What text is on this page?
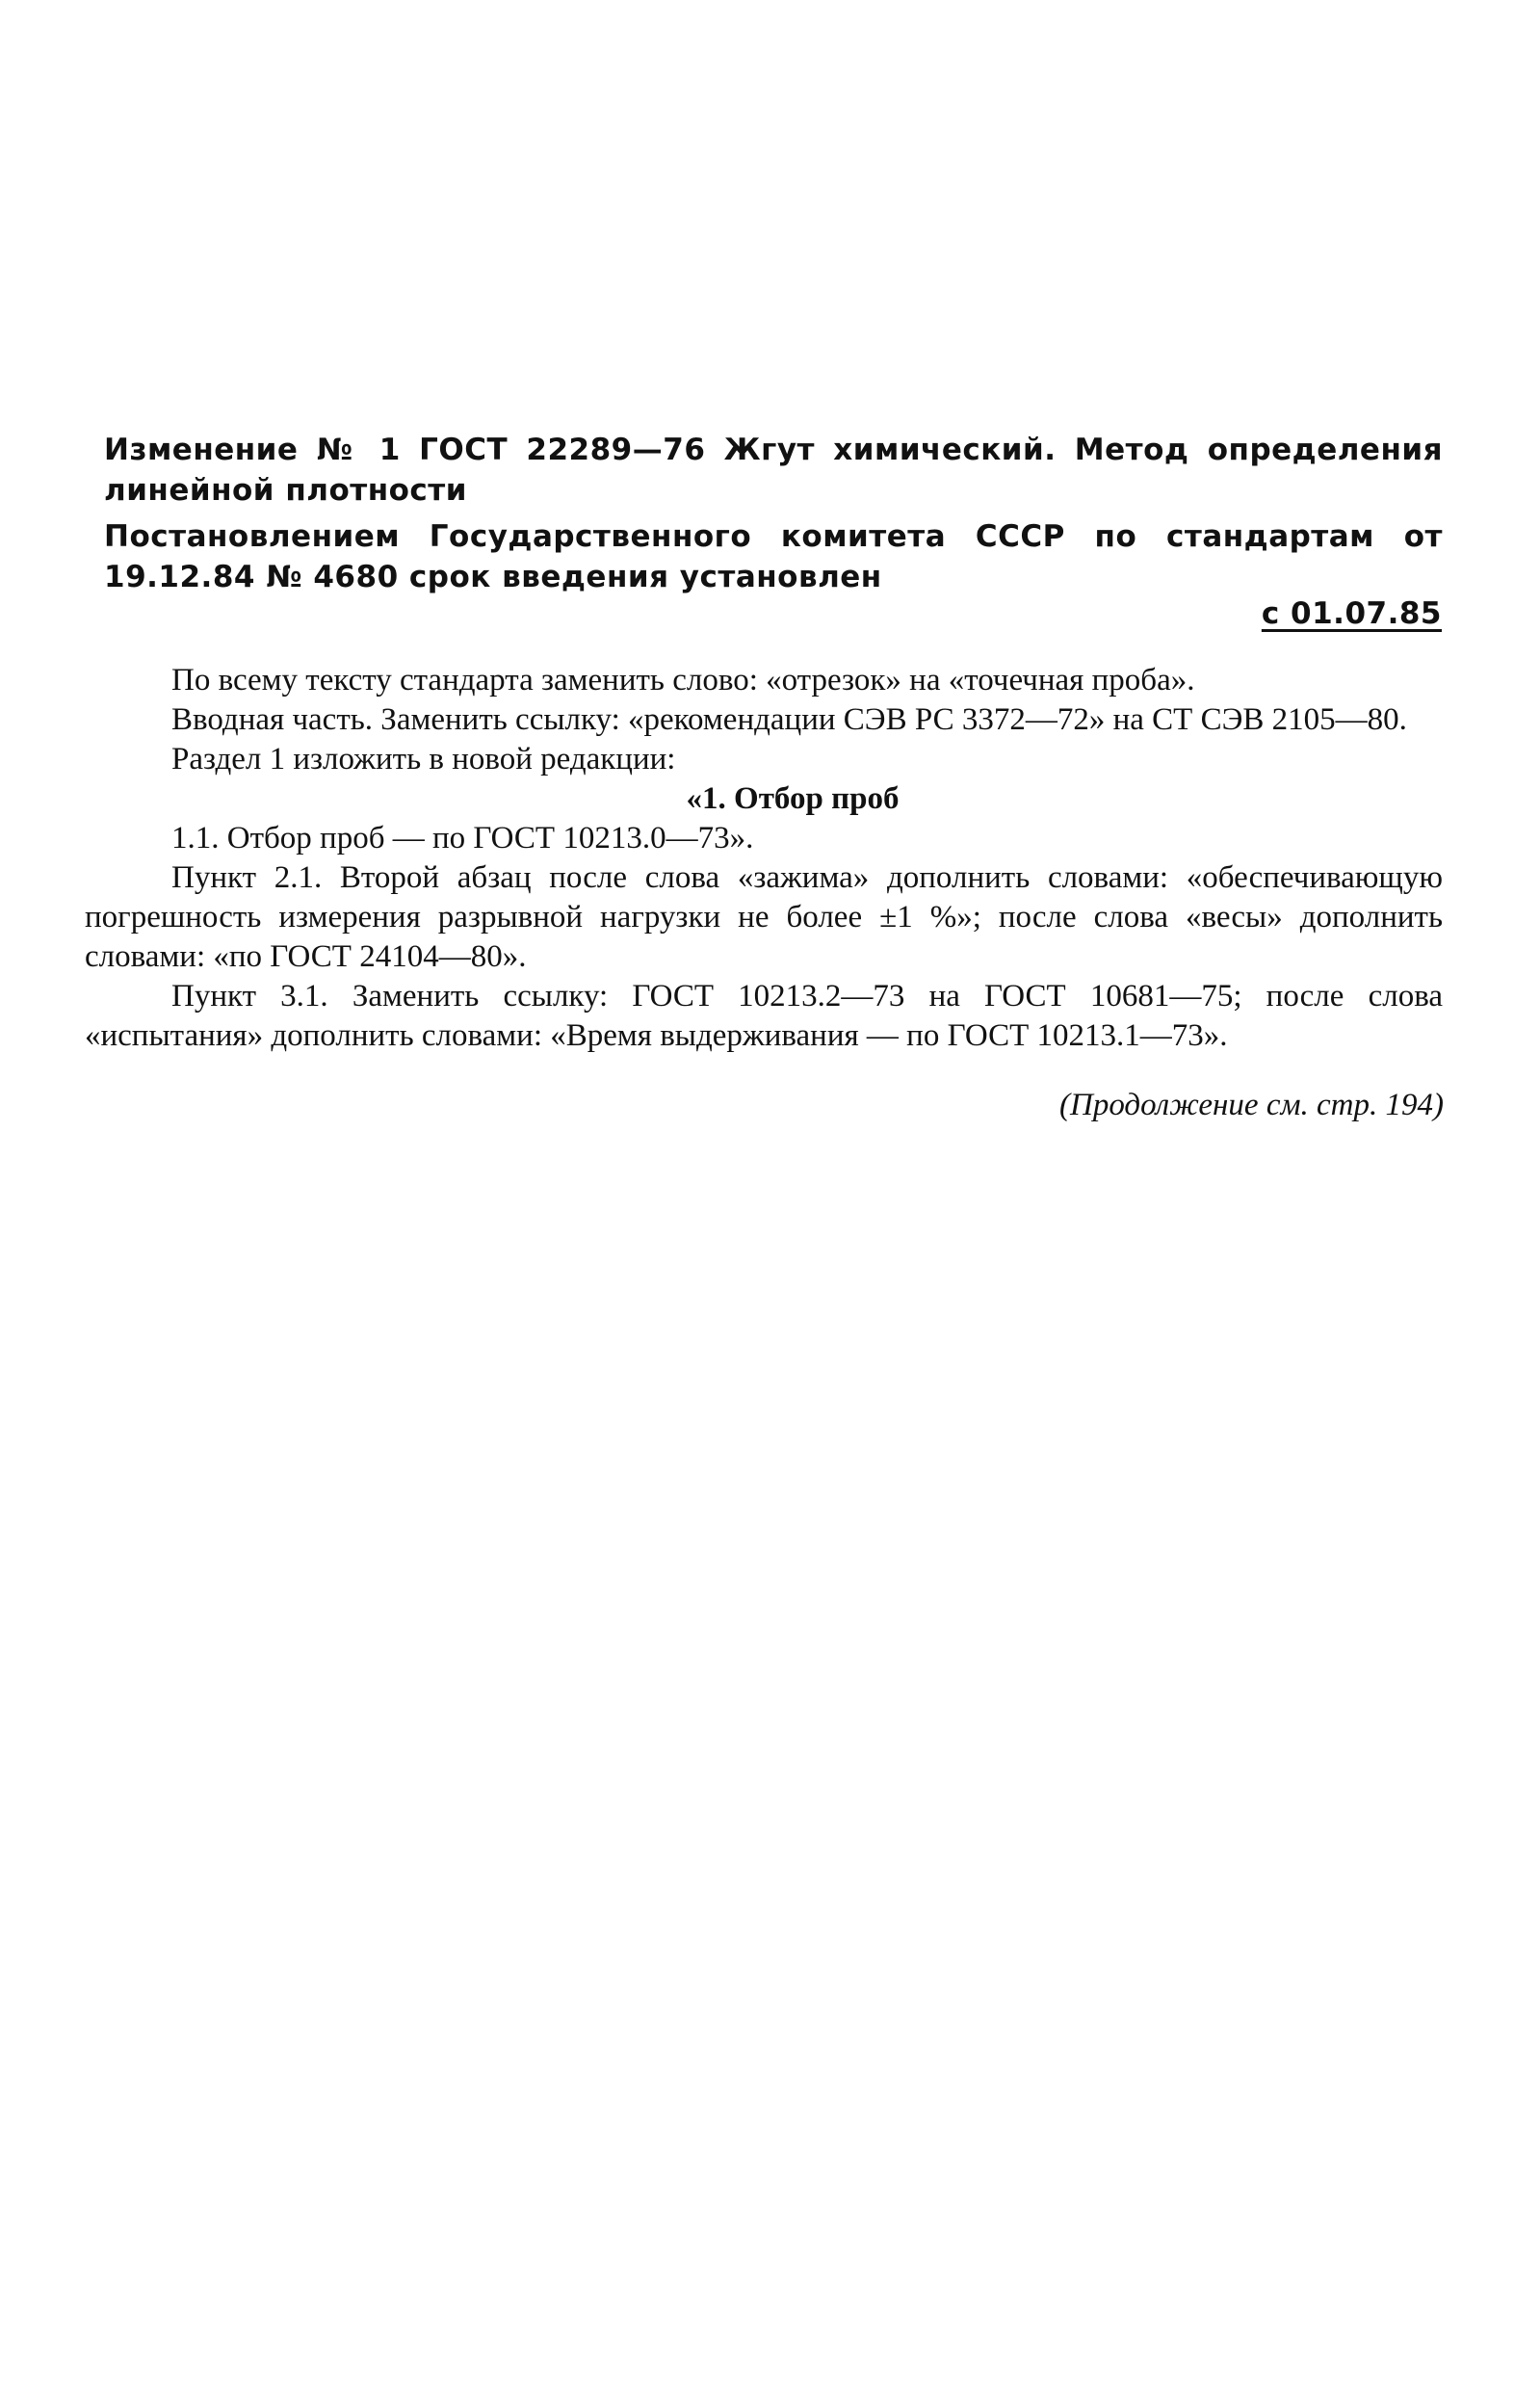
Изменение № 1 ГОСТ 22289—76 Жгут химический. Метод определения линейной плотности
Постановлением Государственного комитета СССР по стандартам от 19.12.84 № 4680 срок введения установлен
с 01.07.85

По всему тексту стандарта заменить слово: «отрезок» на «точечная проба».

Вводная часть. Заменить ссылку: «рекомендации СЭВ РС 3372—72» на СТ СЭВ 2105—80.

Раздел 1 изложить в новой редакции:

«1. Отбор проб

1.1. Отбор проб — по ГОСТ 10213.0—73».

Пункт 2.1. Второй абзац после слова «зажима» дополнить словами: «обеспечивающую погрешность измерения разрывной нагрузки не более ±1 %»; после слова «весы» дополнить словами: «по ГОСТ 24104—80».

Пункт 3.1. Заменить ссылку: ГОСТ 10213.2—73 на ГОСТ 10681—75; после слова «испытания» дополнить словами: «Время выдерживания — по ГОСТ 10213.1—73».

(Продолжение см. стр. 194)
